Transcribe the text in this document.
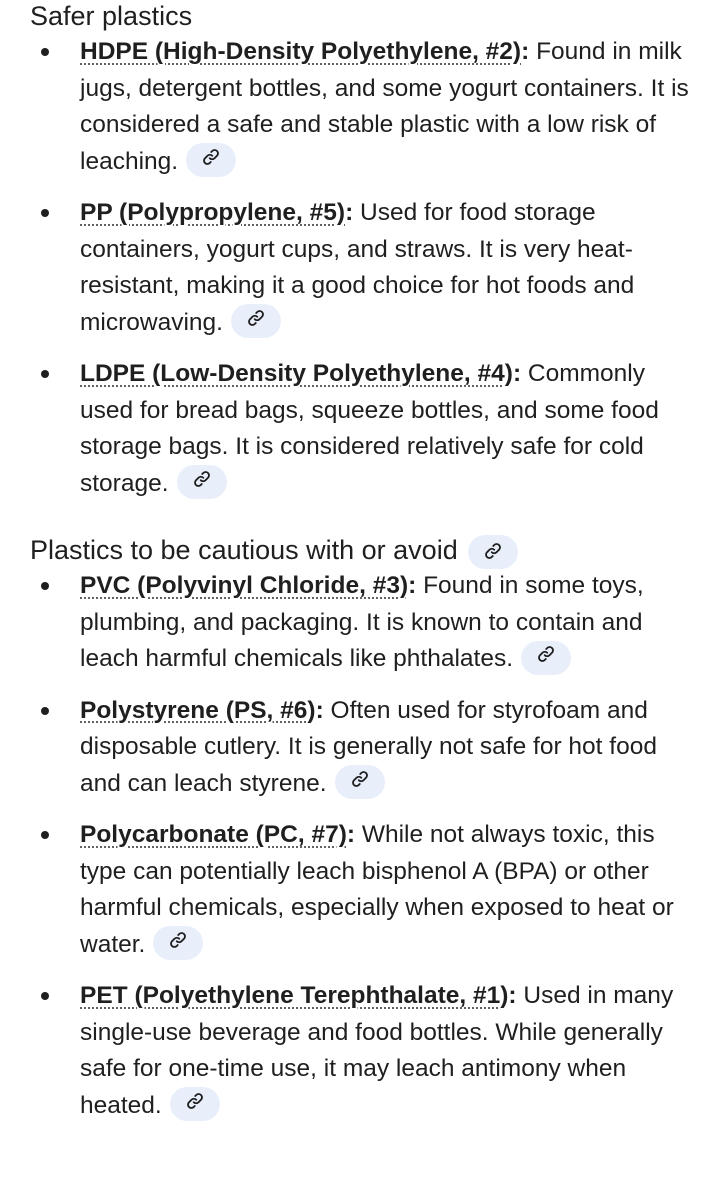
Safer plastics
HDPE (High-Density Polyethylene, #2): Found in milk jugs, detergent bottles, and some yogurt containers. It is considered a safe and stable plastic with a low risk of leaching.
PP (Polypropylene, #5): Used for food storage containers, yogurt cups, and straws. It is very heat-resistant, making it a good choice for hot foods and microwaving.
LDPE (Low-Density Polyethylene, #4): Commonly used for bread bags, squeeze bottles, and some food storage bags. It is considered relatively safe for cold storage.
Plastics to be cautious with or avoid
PVC (Polyvinyl Chloride, #3): Found in some toys, plumbing, and packaging. It is known to contain and leach harmful chemicals like phthalates.
Polystyrene (PS, #6): Often used for styrofoam and disposable cutlery. It is generally not safe for hot food and can leach styrene.
Polycarbonate (PC, #7): While not always toxic, this type can potentially leach bisphenol A (BPA) or other harmful chemicals, especially when exposed to heat or water.
PET (Polyethylene Terephthalate, #1): Used in many single-use beverage and food bottles. While generally safe for one-time use, it may leach antimony when heated.
